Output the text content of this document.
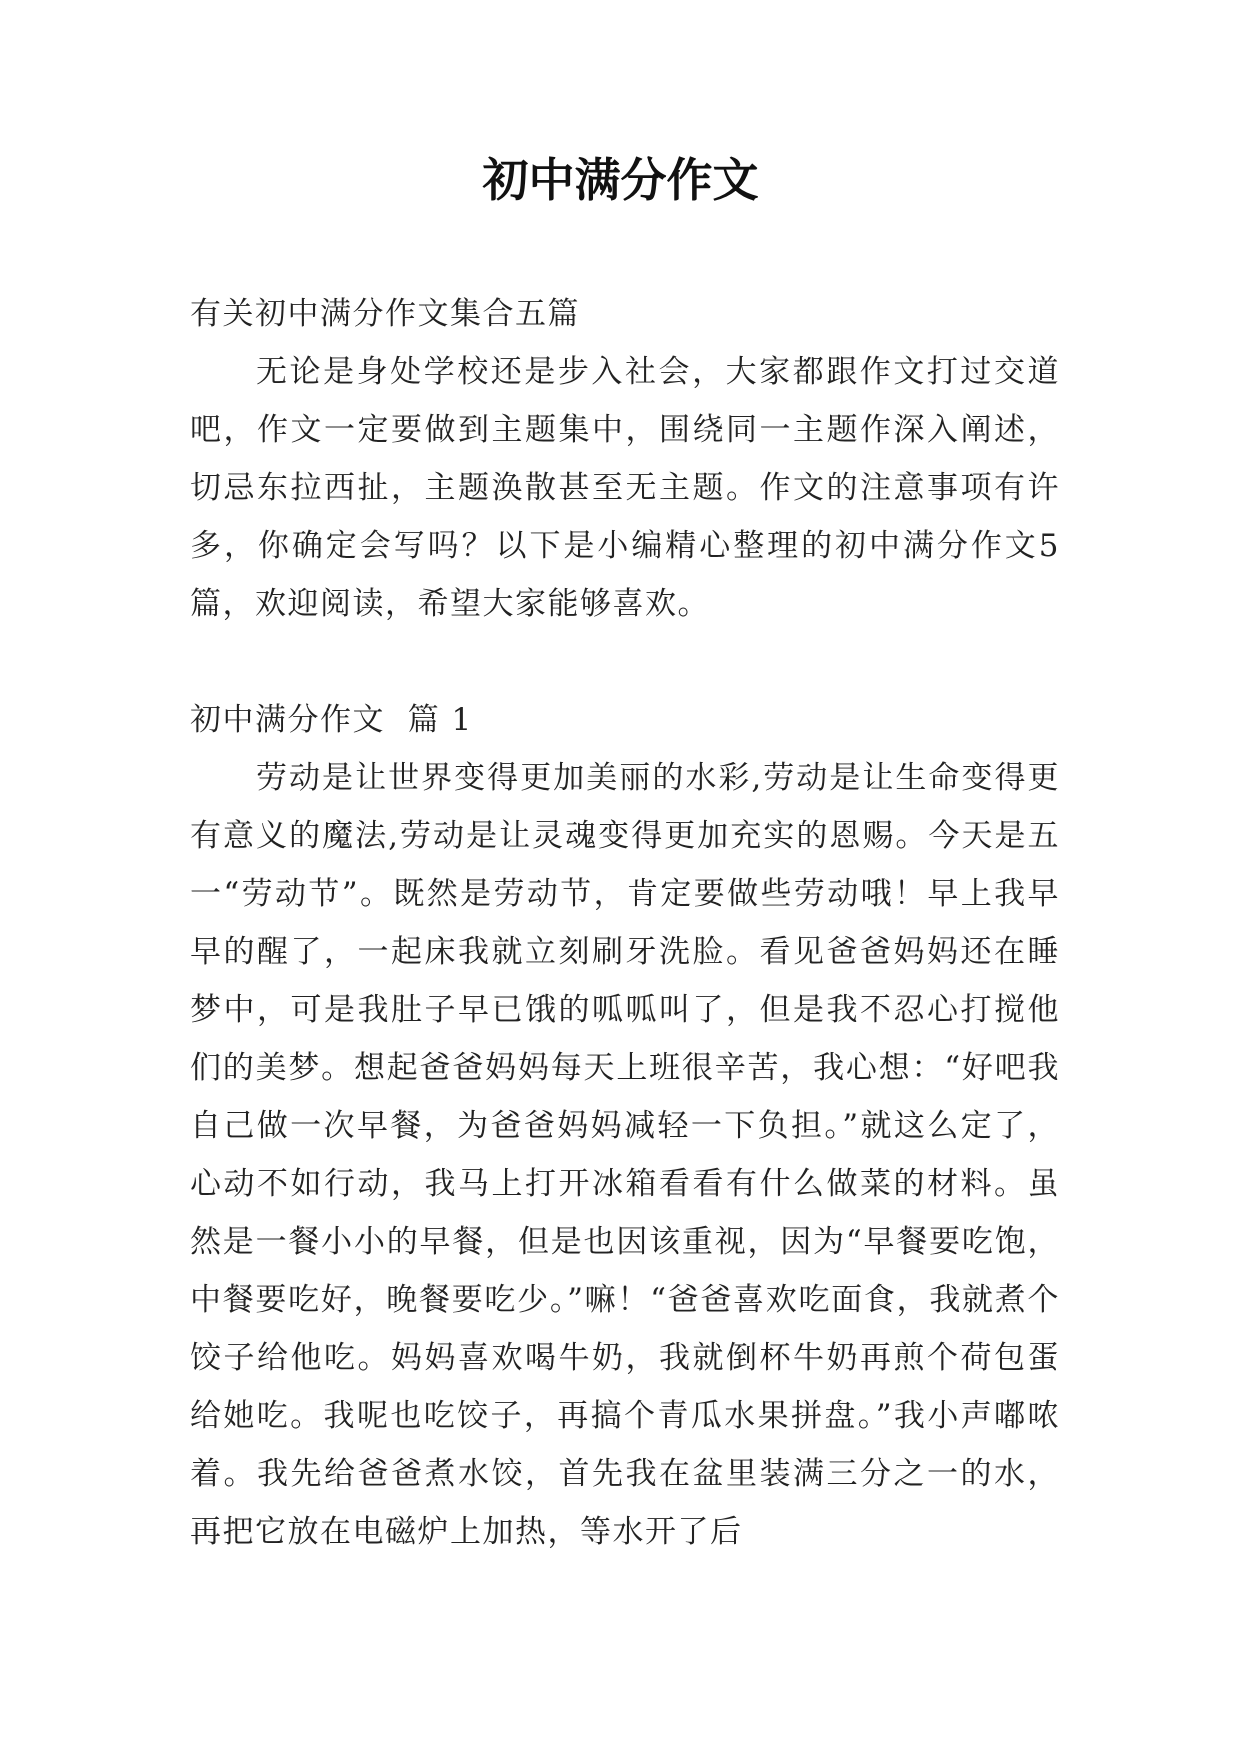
初中满分作文

有关初中满分作文集合五篇

无论是身处学校还是步入社会，大家都跟作文打过交道吧，作文一定要做到主题集中，围绕同一主题作深入阐述，切忌东拉西扯，主题涣散甚至无主题。作文的注意事项有许多，你确定会写吗？以下是小编精心整理的初中满分作文5篇，欢迎阅读，希望大家能够喜欢。

初中满分作文  篇 1

劳动是让世界变得更加美丽的水彩,劳动是让生命变得更有意义的魔法,劳动是让灵魂变得更加充实的恩赐。今天是五一“劳动节”。既然是劳动节，肯定要做些劳动哦！早上我早早的醒了，一起床我就立刻刷牙洗脸。看见爸爸妈妈还在睡梦中，可是我肚子早已饿的呱呱叫了，但是我不忍心打搅他们的美梦。想起爸爸妈妈每天上班很辛苦，我心想：“好吧我自己做一次早餐，为爸爸妈妈减轻一下负担。”就这么定了，心动不如行动，我马上打开冰箱看看有什么做菜的材料。虽然是一餐小小的早餐，但是也因该重视，因为“早餐要吃饱，中餐要吃好，晚餐要吃少。”嘛！“爸爸喜欢吃面食，我就煮个饺子给他吃。妈妈喜欢喝牛奶，我就倒杯牛奶再煎个荷包蛋给她吃。我呢也吃饺子，再搞个青瓜水果拼盘。”我小声嘟哝着。我先给爸爸煮水饺，首先我在盆里装满三分之一的水，再把它放在电磁炉上加热，等水开了后
